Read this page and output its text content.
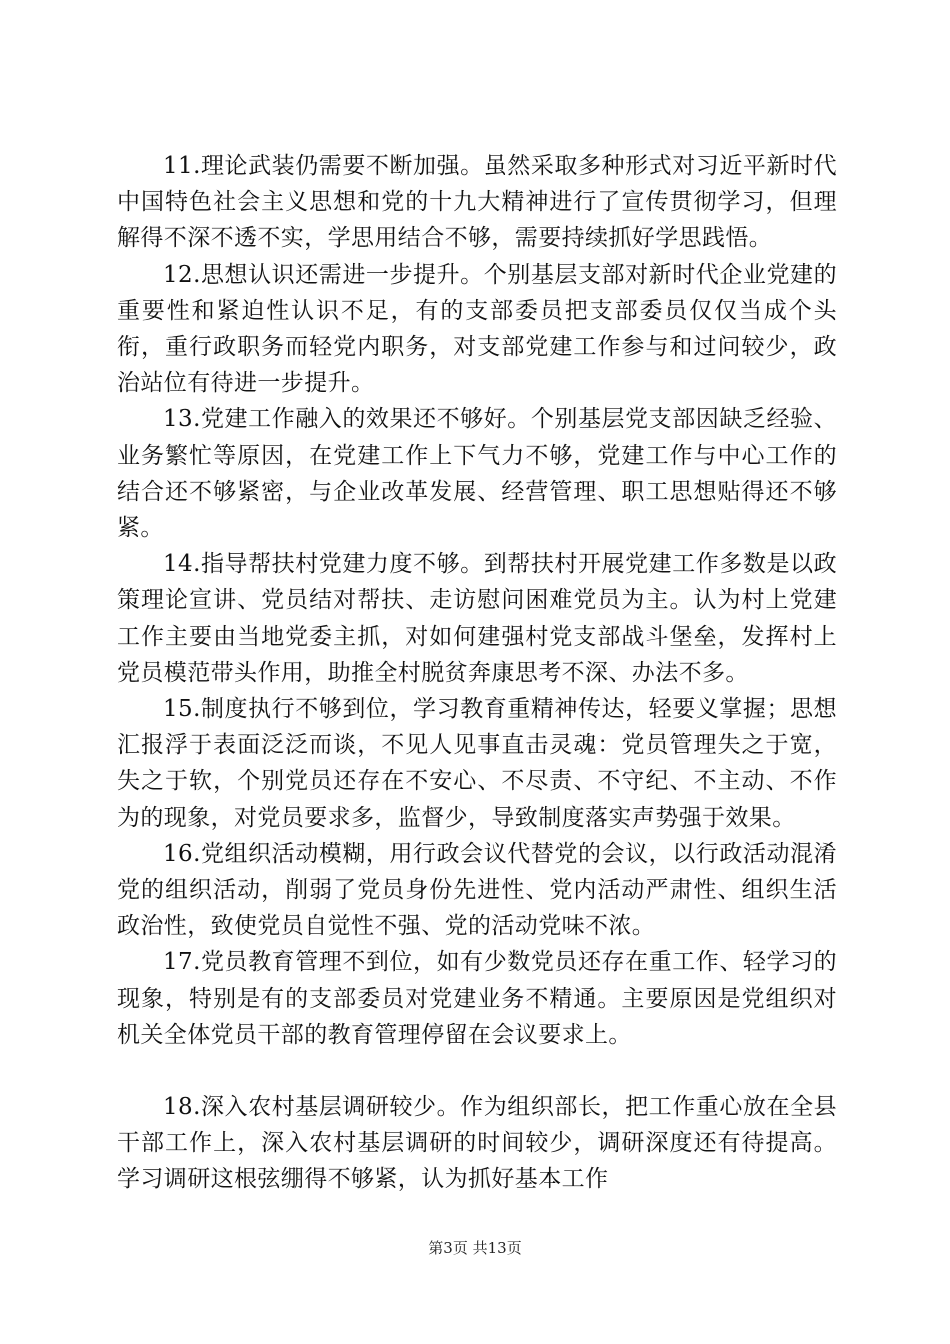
11.理论武装仍需要不断加强。虽然采取多种形式对习近平新时代中国特色社会主义思想和党的十九大精神进行了宣传贯彻学习，但理解得不深不透不实，学思用结合不够，需要持续抓好学思践悟。

12.思想认识还需进一步提升。个别基层支部对新时代企业党建的重要性和紧迫性认识不足，有的支部委员把支部委员仅仅当成个头衔，重行政职务而轻党内职务，对支部党建工作参与和过问较少，政治站位有待进一步提升。

13.党建工作融入的效果还不够好。个别基层党支部因缺乏经验、业务繁忙等原因，在党建工作上下气力不够，党建工作与中心工作的结合还不够紧密，与企业改革发展、经营管理、职工思想贴得还不够紧。

14.指导帮扶村党建力度不够。到帮扶村开展党建工作多数是以政策理论宣讲、党员结对帮扶、走访慰问困难党员为主。认为村上党建工作主要由当地党委主抓，对如何建强村党支部战斗堡垒，发挥村上党员模范带头作用，助推全村脱贫奔康思考不深、办法不多。

15.制度执行不够到位，学习教育重精神传达，轻要义掌握；思想汇报浮于表面泛泛而谈，不见人见事直击灵魂：党员管理失之于宽，失之于软，个别党员还存在不安心、不尽责、不守纪、不主动、不作为的现象，对党员要求多，监督少，导致制度落实声势强于效果。

16.党组织活动模糊，用行政会议代替党的会议，以行政活动混淆党的组织活动，削弱了党员身份先进性、党内活动严肃性、组织生活政治性，致使党员自觉性不强、党的活动党味不浓。

17.党员教育管理不到位，如有少数党员还存在重工作、轻学习的现象，特别是有的支部委员对党建业务不精通。主要原因是党组织对机关全体党员干部的教育管理停留在会议要求上。

18.深入农村基层调研较少。作为组织部长，把工作重心放在全县干部工作上，深入农村基层调研的时间较少，调研深度还有待提高。学习调研这根弦绷得不够紧，认为抓好基本工作

第3页 共13页
